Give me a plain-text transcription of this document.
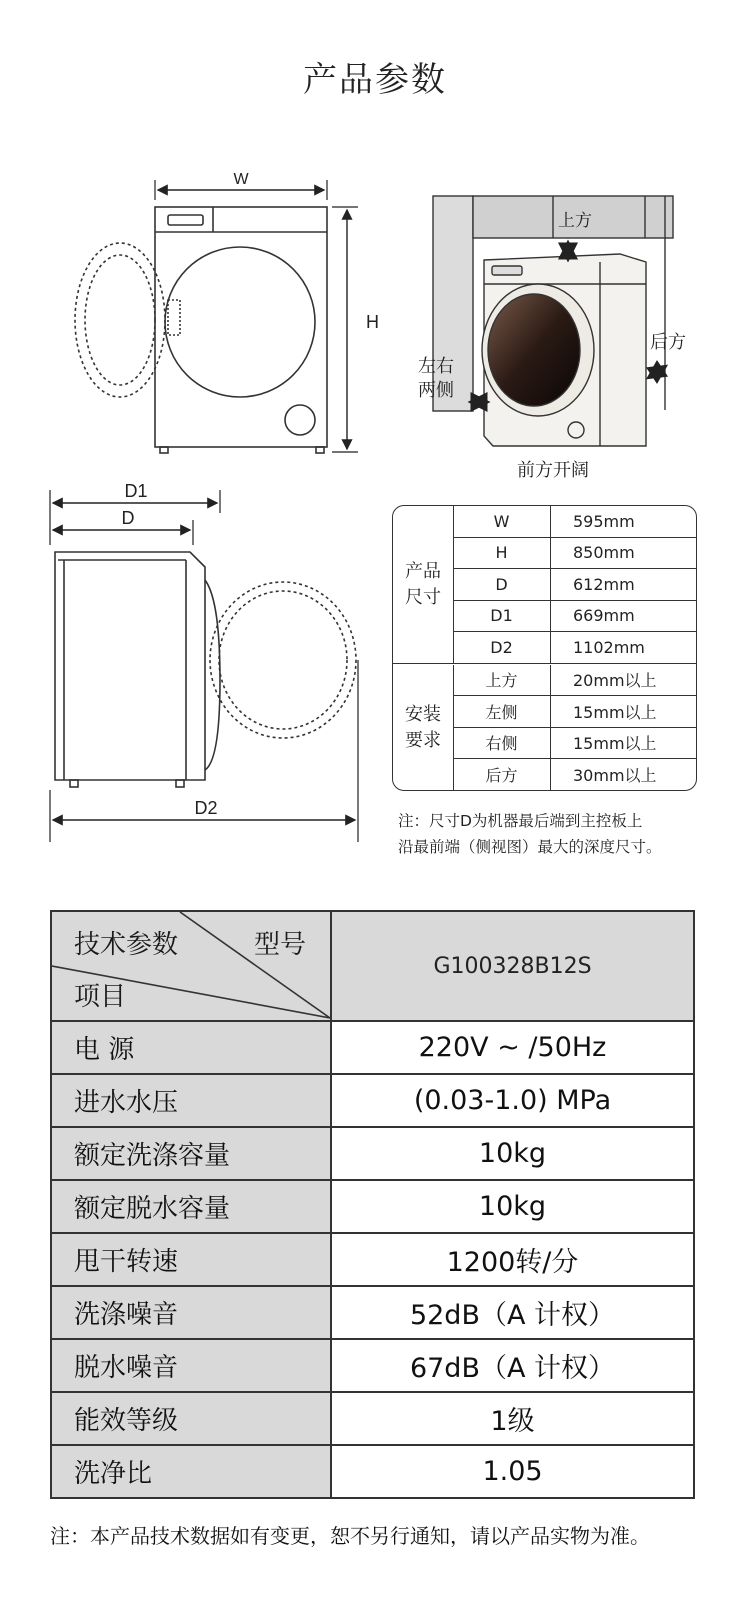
产品参数
W
H
上方
后方
左右
两侧
前方开阔
D1
D
D2
产品
尺寸
W	595mm
H	850mm
D	612mm
D1	669mm
D2	1102mm
安装
要求
上方	20mm以上
左侧	15mm以上
右侧	15mm以上
后方	30mm以上
注：尺寸D为机器最后端到主控板上
沿最前端（侧视图）最大的深度尺寸。
技术参数	型号
项目
G100328B12S
电 源	220V ~ /50Hz
进水水压	(0.03-1.0) MPa
额定洗涤容量	10kg
额定脱水容量	10kg
甩干转速	1200转/分
洗涤噪音	52dB（A 计权）
脱水噪音	67dB（A 计权）
能效等级	1级
洗净比	1.05
注：本产品技术数据如有变更，恕不另行通知，请以产品实物为准。
